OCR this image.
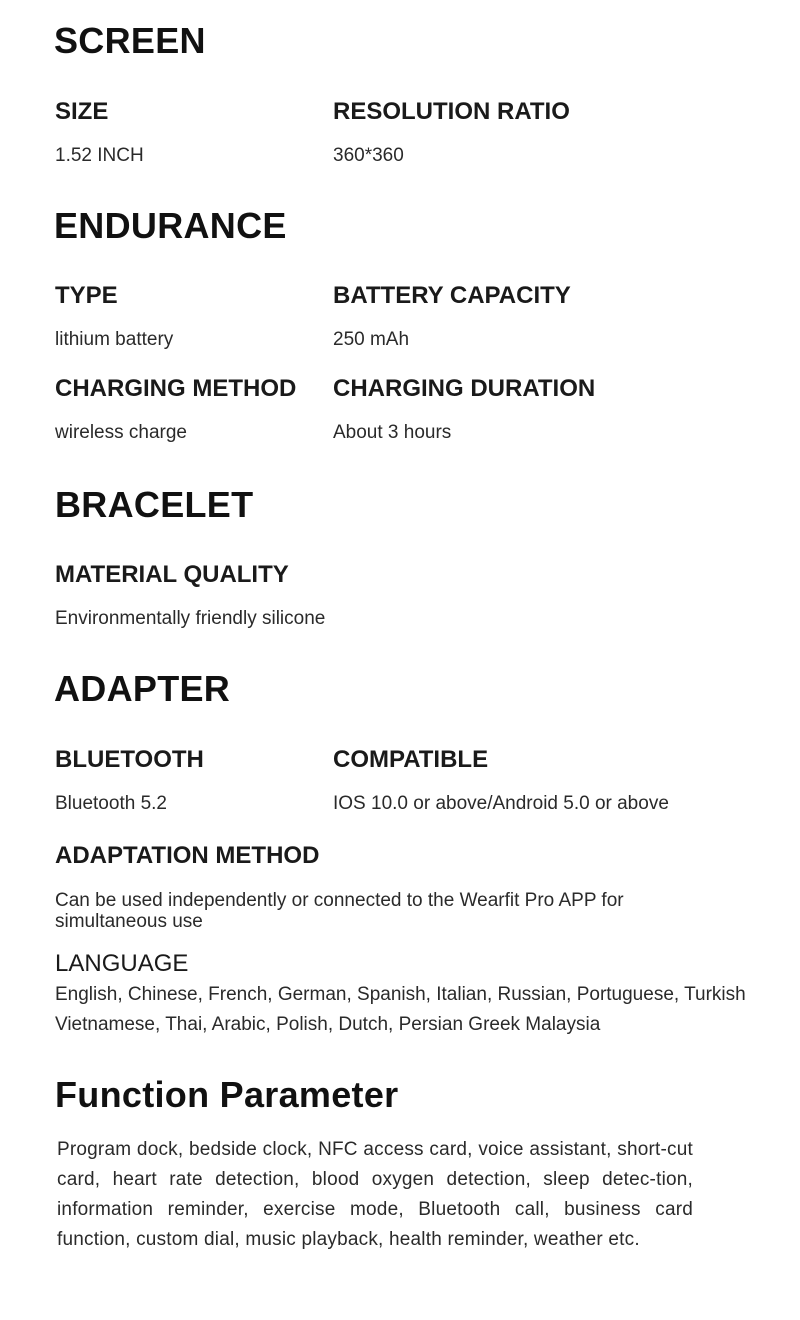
SCREEN
SIZE
1.52 INCH
RESOLUTION RATIO
360*360
ENDURANCE
TYPE
lithium battery
BATTERY CAPACITY
250 mAh
CHARGING METHOD
wireless charge
CHARGING DURATION
About 3 hours
BRACELET
MATERIAL QUALITY
Environmentally friendly silicone
ADAPTER
BLUETOOTH
Bluetooth 5.2
COMPATIBLE
IOS 10.0 or above/Android 5.0 or above
ADAPTATION METHOD
Can be used independently or connected to the Wearfit Pro APP for simultaneous use
LANGUAGE
English, Chinese, French, German, Spanish, Italian, Russian, Portuguese, Turkish Vietnamese, Thai, Arabic, Polish, Dutch, Persian Greek Malaysia
Function Parameter
Program dock, bedside clock, NFC access card, voice assistant, short-cut card, heart rate detection, blood oxygen detection, sleep detec-tion, information reminder, exercise mode, Bluetooth call, business card function, custom dial, music playback, health reminder, weather etc.
